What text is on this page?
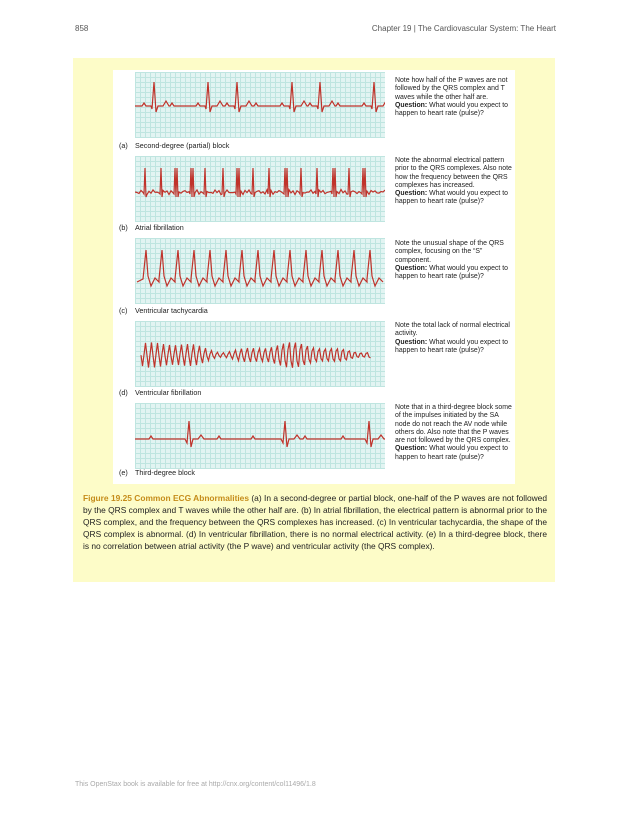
858	Chapter 19 | The Cardiovascular System: The Heart
(a) Second-degree (partial) block
Note how half of the P waves are not followed by the QRS complex and T waves while the other half are.
Question: What would you expect to happen to heart rate (pulse)?
(b) Atrial fibrillation
Note the abnormal electrical pattern prior to the QRS complexes. Also note how the frequency between the QRS complexes has increased.
Question: What would you expect to happen to heart rate (pulse)?
(c) Ventricular tachycardia
Note the unusual shape of the QRS complex, focusing on the “S” component.
Question: What would you expect to happen to heart rate (pulse)?
(d) Ventricular fibrillation
Note the total lack of normal electrical activity.
Question: What would you expect to happen to heart rate (pulse)?
(e) Third-degree block
Note that in a third-degree block some of the impulses initiated by the SA node do not reach the AV node while others do. Also note that the P waves are not followed by the QRS complex.
Question: What would you expect to happen to heart rate (pulse)?
Figure 19.25 Common ECG Abnormalities (a) In a second-degree or partial block, one-half of the P waves are not followed by the QRS complex and T waves while the other half are. (b) In atrial fibrillation, the electrical pattern is abnormal prior to the QRS complex, and the frequency between the QRS complexes has increased. (c) In ventricular tachycardia, the shape of the QRS complex is abnormal. (d) In ventricular fibrillation, there is no normal electrical activity. (e) In a third-degree block, there is no correlation between atrial activity (the P wave) and ventricular activity (the QRS complex).
This OpenStax book is available for free at http://cnx.org/content/col11496/1.8
